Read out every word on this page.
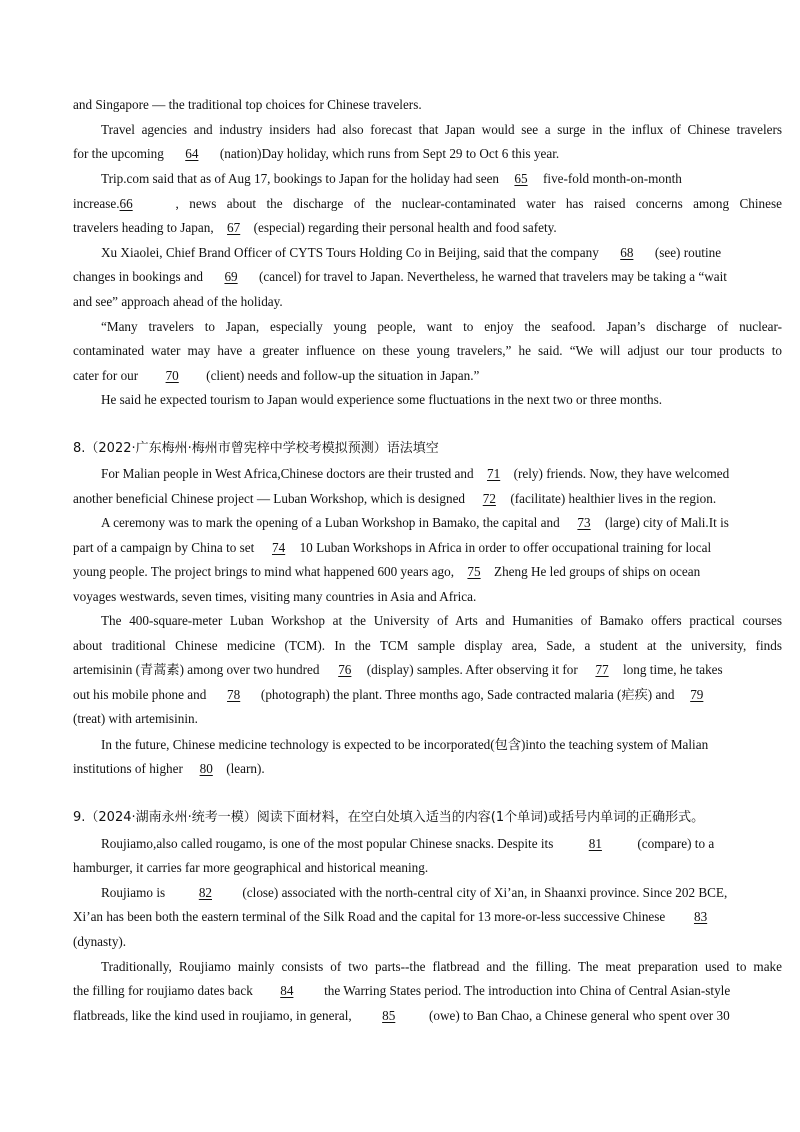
and Singapore — the traditional top choices for Chinese travelers.
Travel agencies and industry insiders had also forecast that Japan would see a surge in the influx of Chinese travelers
for the upcoming 64 (nation)Day holiday, which runs from Sept 29 to Oct 6 this year.
Trip.com said that as of Aug 17, bookings to Japan for the holiday had seen 65 five-fold month-on-month
increase.66	, news about the discharge of the nuclear-contaminated water has raised concerns among Chinese
travelers heading to Japan, 67 (especial) regarding their personal health and food safety.
Xu Xiaolei, Chief Brand Officer of CYTS Tours Holding Co in Beijing, said that the company 68 (see) routine
changes in bookings and 69 (cancel) for travel to Japan. Nevertheless, he warned that travelers may be taking a “wait
and see” approach ahead of the holiday.
“Many travelers to Japan, especially young people, want to enjoy the seafood. Japan’s discharge of nuclear-
contaminated water may have a greater influence on these young travelers,” he said. “We will adjust our tour products to
cater for our 70 (client) needs and follow-up the situation in Japan.”
He said he expected tourism to Japan would experience some fluctuations in the next two or three months.
8.（2022·广东梅州·梅州市曾宪梓中学校考模拟预测）语法填空
For Malian people in West Africa,Chinese doctors are their trusted and 71 (rely) friends. Now, they have welcomed
another beneficial Chinese project — Luban Workshop, which is designed 72 (facilitate) healthier lives in the region.
A ceremony was to mark the opening of a Luban Workshop in Bamako, the capital and 73 (large) city of Mali.It is
part of a campaign by China to set 74 10 Luban Workshops in Africa in order to offer occupational training for local
young people. The project brings to mind what happened 600 years ago, 75 Zheng He led groups of ships on ocean
voyages westwards, seven times, visiting many countries in Asia and Africa.
The 400-square-meter Luban Workshop at the University of Arts and Humanities of Bamako offers practical courses
about traditional Chinese medicine (TCM). In the TCM sample display area, Sade, a student at the university, finds
artemisinin (青蒿素) among over two hundred 76 (display) samples. After observing it for 77 long time, he takes
out his mobile phone and 78 (photograph) the plant. Three months ago, Sade contracted malaria (疟疾) and 79
(treat) with artemisinin.
In the future, Chinese medicine technology is expected to be incorporated(包含)into the teaching system of Malian
institutions of higher 80 (learn).
9.（2024·湖南永州·统考一模）阅读下面材料，在空白处填入适当的内容(1个单词)或括号内单词的正确形式。
Roujiamo,also called rougamo, is one of the most popular Chinese snacks. Despite its	81	(compare) to a
hamburger, it carries far more geographical and historical meaning.
Roujiamo is	82 (close) associated with the north-central city of Xi’an, in Shaanxi province. Since 202 BCE,
Xi’an has been both the eastern terminal of the Silk Road and the capital for 13 more-or-less successive Chinese 83
(dynasty).
Traditionally, Roujiamo mainly consists of two parts--the flatbread and the filling. The meat preparation used to make
the filling for roujiamo dates back 84 the Warring States period. The introduction into China of Central Asian-style
flatbreads, like the kind used in roujiamo, in general, 85	(owe) to Ban Chao, a Chinese general who spent over 30
